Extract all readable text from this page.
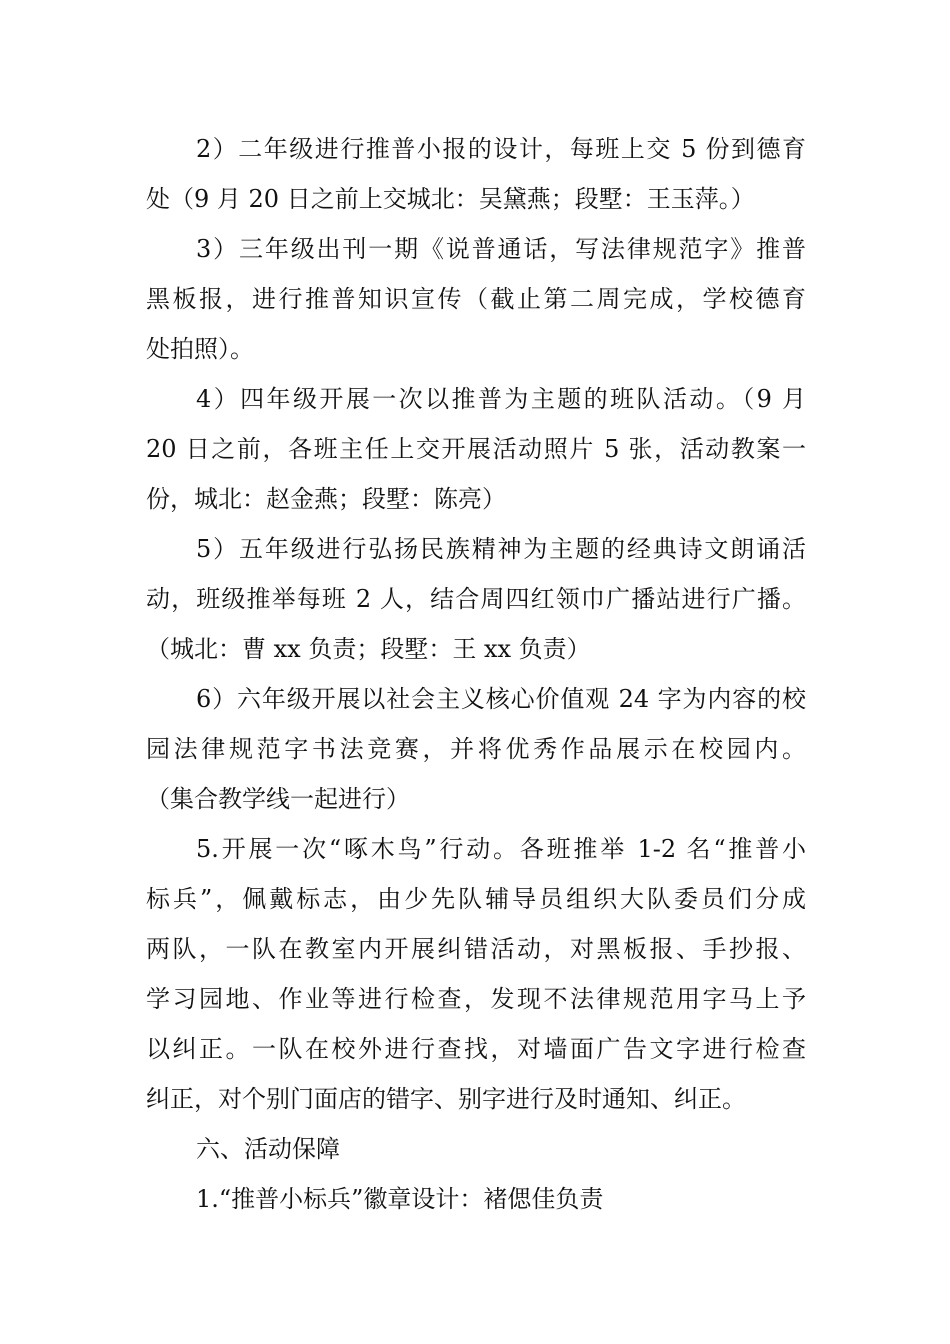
2）二年级进行推普小报的设计，每班上交 5 份到德育
处（9 月 20 日之前上交城北：吴黛燕；段墅：王玉萍。）
3）三年级出刊一期《说普通话，写法律规范字》推普
黑板报，进行推普知识宣传（截止第二周完成，学校德育
处拍照）。
4）四年级开展一次以推普为主题的班队活动。（9 月
20 日之前，各班主任上交开展活动照片 5 张，活动教案一
份，城北：赵金燕；段墅：陈亮）
5）五年级进行弘扬民族精神为主题的经典诗文朗诵活
动，班级推举每班 2 人，结合周四红领巾广播站进行广播。
（城北：曹 xx 负责；段墅：王 xx 负责）
6）六年级开展以社会主义核心价值观 24 字为内容的校
园法律规范字书法竞赛，并将优秀作品展示在校园内。
（集合教学线一起进行）
5.开展一次“啄木鸟”行动。各班推举 1-2 名“推普小
标兵”，佩戴标志，由少先队辅导员组织大队委员们分成
两队，一队在教室内开展纠错活动，对黑板报、手抄报、
学习园地、作业等进行检查，发现不法律规范用字马上予
以纠正。一队在校外进行查找，对墙面广告文字进行检查
纠正，对个别门面店的错字、别字进行及时通知、纠正。
六、活动保障
1.“推普小标兵”徽章设计：褚偲佳负责
